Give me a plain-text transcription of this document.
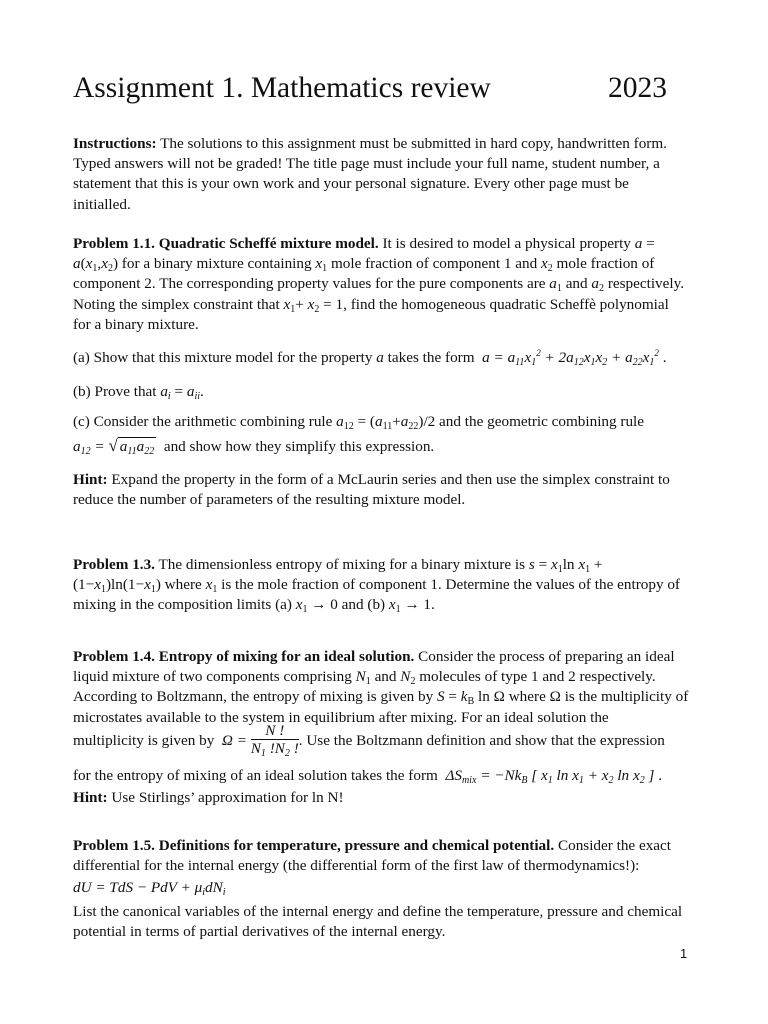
Assignment 1. Mathematics review	2023

Instructions: The solutions to this assignment must be submitted in hard copy, handwritten form. Typed answers will not be graded! The title page must include your full name, student number, a statement that this is your own work and your personal signature. Every other page must be initialled.

Problem 1.1. Quadratic Scheffé mixture model. It is desired to model a physical property $a = a(x_1,x_2)$ for a binary mixture containing $x_1$ mole fraction of component 1 and $x_2$ mole fraction of component 2. The corresponding property values for the pure components are $a_1$ and $a_2$ respectively. Noting the simplex constraint that $x_1+ x_2 = 1$, find the homogeneous quadratic Scheffè polynomial for a binary mixture.

(a) Show that this mixture model for the property a takes the form  $a = a_{11}x_1^2 + 2a_{12}x_1x_2 + a_{22}x_1^2$ .

(b) Prove that $a_i = a_{ii}$.

(c) Consider the arithmetic combining rule $a_{12} = (a_{11}+a_{22})/2$ and the geometric combining rule

$a_{12}$ = √ $a_{11}a_{22}$  and show how they simplify this expression.

Hint: Expand the property in the form of a McLaurin series and then use the simplex constraint to reduce the number of parameters of the resulting mixture model.

Problem 1.3. The dimensionless entropy of mixing for a binary mixture is $s = x_1\ln$ $x_1 +(1-x_1)\ln(1-x_1)$ where $x_1$ is the mole fraction of component 1. Determine the values of the entropy of mixing in the composition limits (a) $x_1 \to 0$ and (b) $x_1 \to 1$.

Problem 1.4. Entropy of mixing for an ideal solution. Consider the process of preparing an ideal liquid mixture of two components comprising $N_1$ and $N_2$ molecules of type 1 and 2 respectively. According to Boltzmann, the entropy of mixing is given by $S = k_B$ ln Ω where Ω is the multiplicity of microstates available to the system in equilibrium after mixing. For an ideal solution the

multiplicity is given by  $\Omega = \frac{N !}{N_1 !N_2 !}$ . Use the Boltzmann definition and show that the expression

for the entropy of mixing of an ideal solution takes the form  $\Delta S_{mix} = -Nk_B$ [ $x_1$ $\ln x_1 + x_2$ $\ln x_2$ ] .

Hint: Use Stirlings’ approximation for ln N!

Problem 1.5. Definitions for temperature, pressure and chemical potential. Consider the exact differential for the internal energy (the differential form of the first law of thermodynamics!):

dU = TdS − PdV + $\mu_idN_i$

List the canonical variables of the internal energy and define the temperature, pressure and chemical potential in terms of partial derivatives of the internal energy.

1
